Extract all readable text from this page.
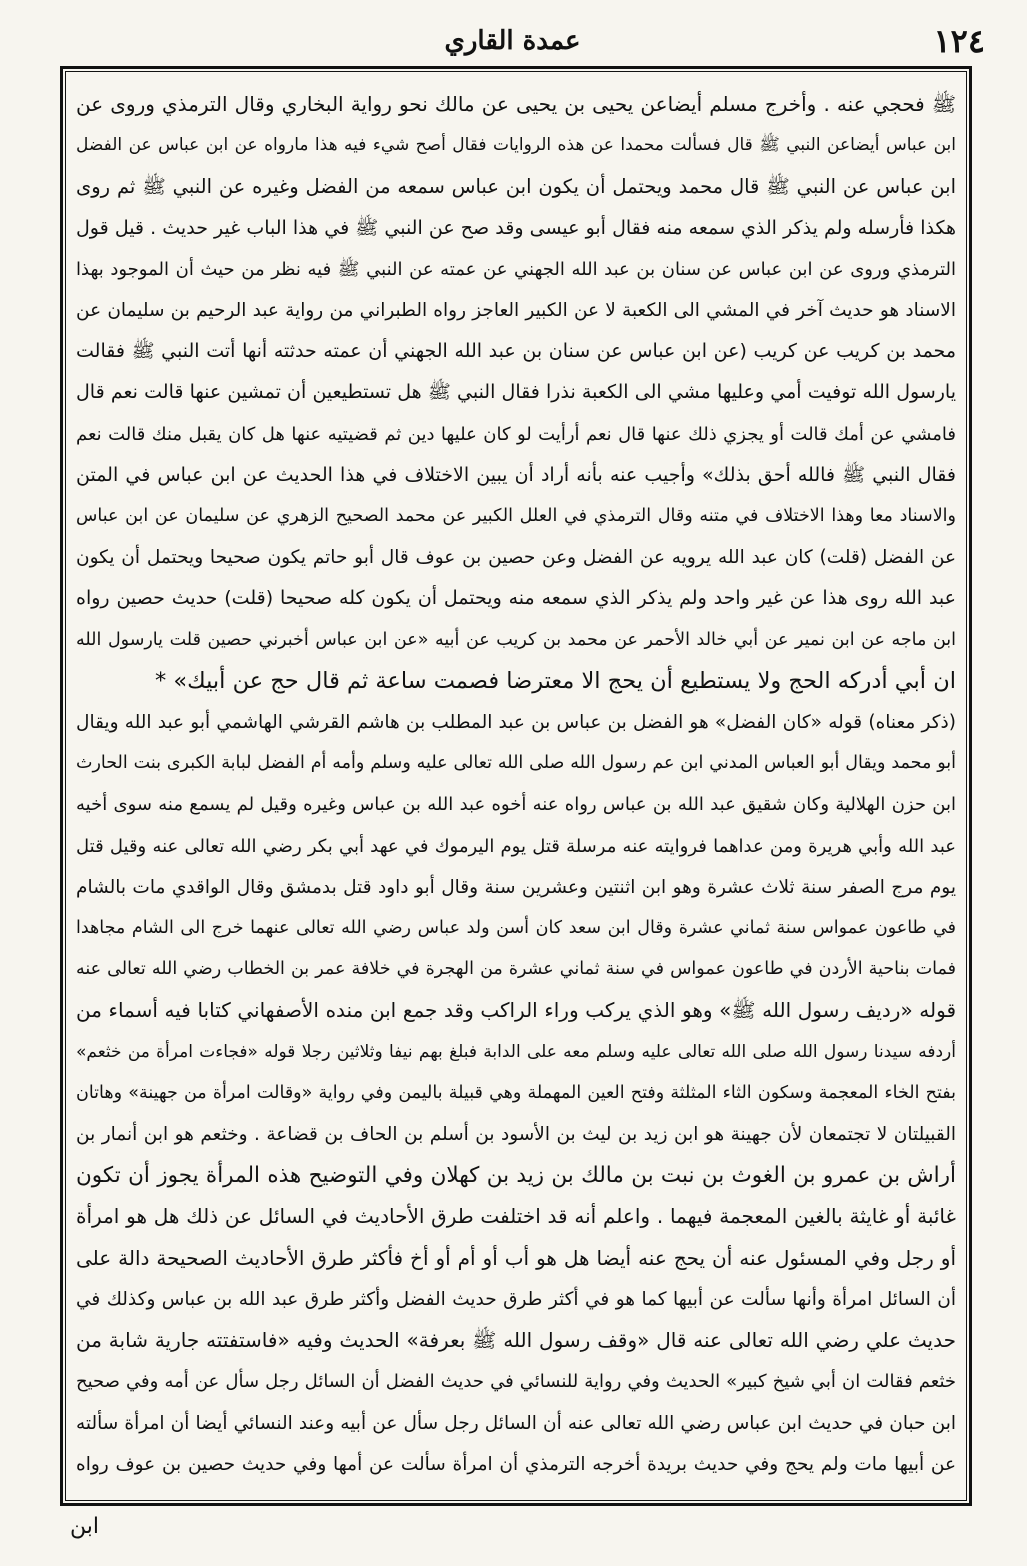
عمدة القاري	١٢٤
ﷺ فحجي عنه . وأخرج مسلم أيضاعن يحيى بن يحيى عن مالك نحو رواية البخاري وقال الترمذي وروى عن
ابن عباس أيضاعن النبي ﷺ قال فسألت محمدا عن هذه الروايات فقال أصح شيء فيه هذا مارواه عن ابن عباس عن الفضل
ابن عباس عن النبي ﷺ قال محمد ويحتمل أن يكون ابن عباس سمعه من الفضل وغيره عن النبي ﷺ ثم روى
هكذا فأرسله ولم يذكر الذي سمعه منه فقال أبو عيسى وقد صح عن النبي ﷺ في هذا الباب غير حديث . قيل قول
الترمذي وروى عن ابن عباس عن سنان بن عبد الله الجهني عن عمته عن النبي ﷺ فيه نظر من حيث أن الموجود بهذا
الاسناد هو حديث آخر في المشي الى الكعبة لا عن الكبير العاجز رواه الطبراني من رواية عبد الرحيم بن سليمان عن
محمد بن كريب عن كريب (عن ابن عباس عن سنان بن عبد الله الجهني أن عمته حدثته أنها أتت النبي ﷺ فقالت
يارسول الله توفيت أمي وعليها مشي الى الكعبة نذرا فقال النبي ﷺ هل تستطيعين أن تمشين عنها قالت نعم قال
فامشي عن أمك قالت أو يجزي ذلك عنها قال نعم أرأيت لو كان عليها دين ثم قضيتيه عنها هل كان يقبل منك قالت نعم
فقال النبي ﷺ فالله أحق بذلك» وأجيب عنه بأنه أراد أن يبين الاختلاف في هذا الحديث عن ابن عباس في المتن
والاسناد معا وهذا الاختلاف في متنه وقال الترمذي في العلل الكبير عن محمد الصحيح الزهري عن سليمان عن ابن عباس
عن الفضل (قلت) كان عبد الله يرويه عن الفضل وعن حصين بن عوف قال أبو حاتم يكون صحيحا ويحتمل أن يكون
عبد الله روى هذا عن غير واحد ولم يذكر الذي سمعه منه ويحتمل أن يكون كله صحيحا (قلت) حديث حصين رواه
ابن ماجه عن ابن نمير عن أبي خالد الأحمر عن محمد بن كريب عن أبيه «عن ابن عباس أخبرني حصين قلت يارسول الله
ان أبي أدركه الحج ولا يستطيع أن يحج الا معترضا فصمت ساعة ثم قال حج عن أبيك» *
(ذكر معناه) قوله «كان الفضل» هو الفضل بن عباس بن عبد المطلب بن هاشم القرشي الهاشمي أبو عبد الله ويقال
أبو محمد ويقال أبو العباس المدني ابن عم رسول الله صلى الله تعالى عليه وسلم وأمه أم الفضل لبابة الكبرى بنت الحارث
ابن حزن الهلالية وكان شقيق عبد الله بن عباس رواه عنه أخوه عبد الله بن عباس وغيره وقيل لم يسمع منه سوى أخيه
عبد الله وأبي هريرة ومن عداهما فروايته عنه مرسلة قتل يوم اليرموك في عهد أبي بكر رضي الله تعالى عنه وقيل قتل
يوم مرج الصفر سنة ثلاث عشرة وهو ابن اثنتين وعشرين سنة وقال أبو داود قتل بدمشق وقال الواقدي مات بالشام
في طاعون عمواس سنة ثماني عشرة وقال ابن سعد كان أسن ولد عباس رضي الله تعالى عنهما خرج الى الشام مجاهدا
فمات بناحية الأردن في طاعون عمواس في سنة ثماني عشرة من الهجرة في خلافة عمر بن الخطاب رضي الله تعالى عنه
قوله «رديف رسول الله ﷺ» وهو الذي يركب وراء الراكب وقد جمع ابن منده الأصفهاني كتابا فيه أسماء من
أردفه سيدنا رسول الله صلى الله تعالى عليه وسلم معه على الدابة فبلغ بهم نيفا وثلاثين رجلا قوله «فجاءت امرأة من خثعم»
بفتح الخاء المعجمة وسكون الثاء المثلثة وفتح العين المهملة وهي قبيلة باليمن وفي رواية «وقالت امرأة من جهينة» وهاتان
القبيلتان لا تجتمعان لأن جهينة هو ابن زيد بن ليث بن الأسود بن أسلم بن الحاف بن قضاعة . وخثعم هو ابن أنمار بن
أراش بن عمرو بن الغوث بن نبت بن مالك بن زيد بن كهلان وفي التوضيح هذه المرأة يجوز أن تكون
غائبة أو غايثة بالغين المعجمة فيهما . واعلم أنه قد اختلفت طرق الأحاديث في السائل عن ذلك هل هو امرأة
أو رجل وفي المسئول عنه أن يحج عنه أيضا هل هو أب أو أم أو أخ فأكثر طرق الأحاديث الصحيحة دالة على
أن السائل امرأة وأنها سألت عن أبيها كما هو في أكثر طرق حديث الفضل وأكثر طرق عبد الله بن عباس وكذلك في
حديث علي رضي الله تعالى عنه قال «وقف رسول الله ﷺ بعرفة» الحديث وفيه «فاستفتته جارية شابة من
خثعم فقالت ان أبي شيخ كبير» الحديث وفي رواية للنسائي في حديث الفضل أن السائل رجل سأل عن أمه وفي صحيح
ابن حبان في حديث ابن عباس رضي الله تعالى عنه أن السائل رجل سأل عن أبيه وعند النسائي أيضا أن امرأة سألته
عن أبيها مات ولم يحج وفي حديث بريدة أخرجه الترمذي أن امرأة سألت عن أمها وفي حديث حصين بن عوف رواه
ابن
